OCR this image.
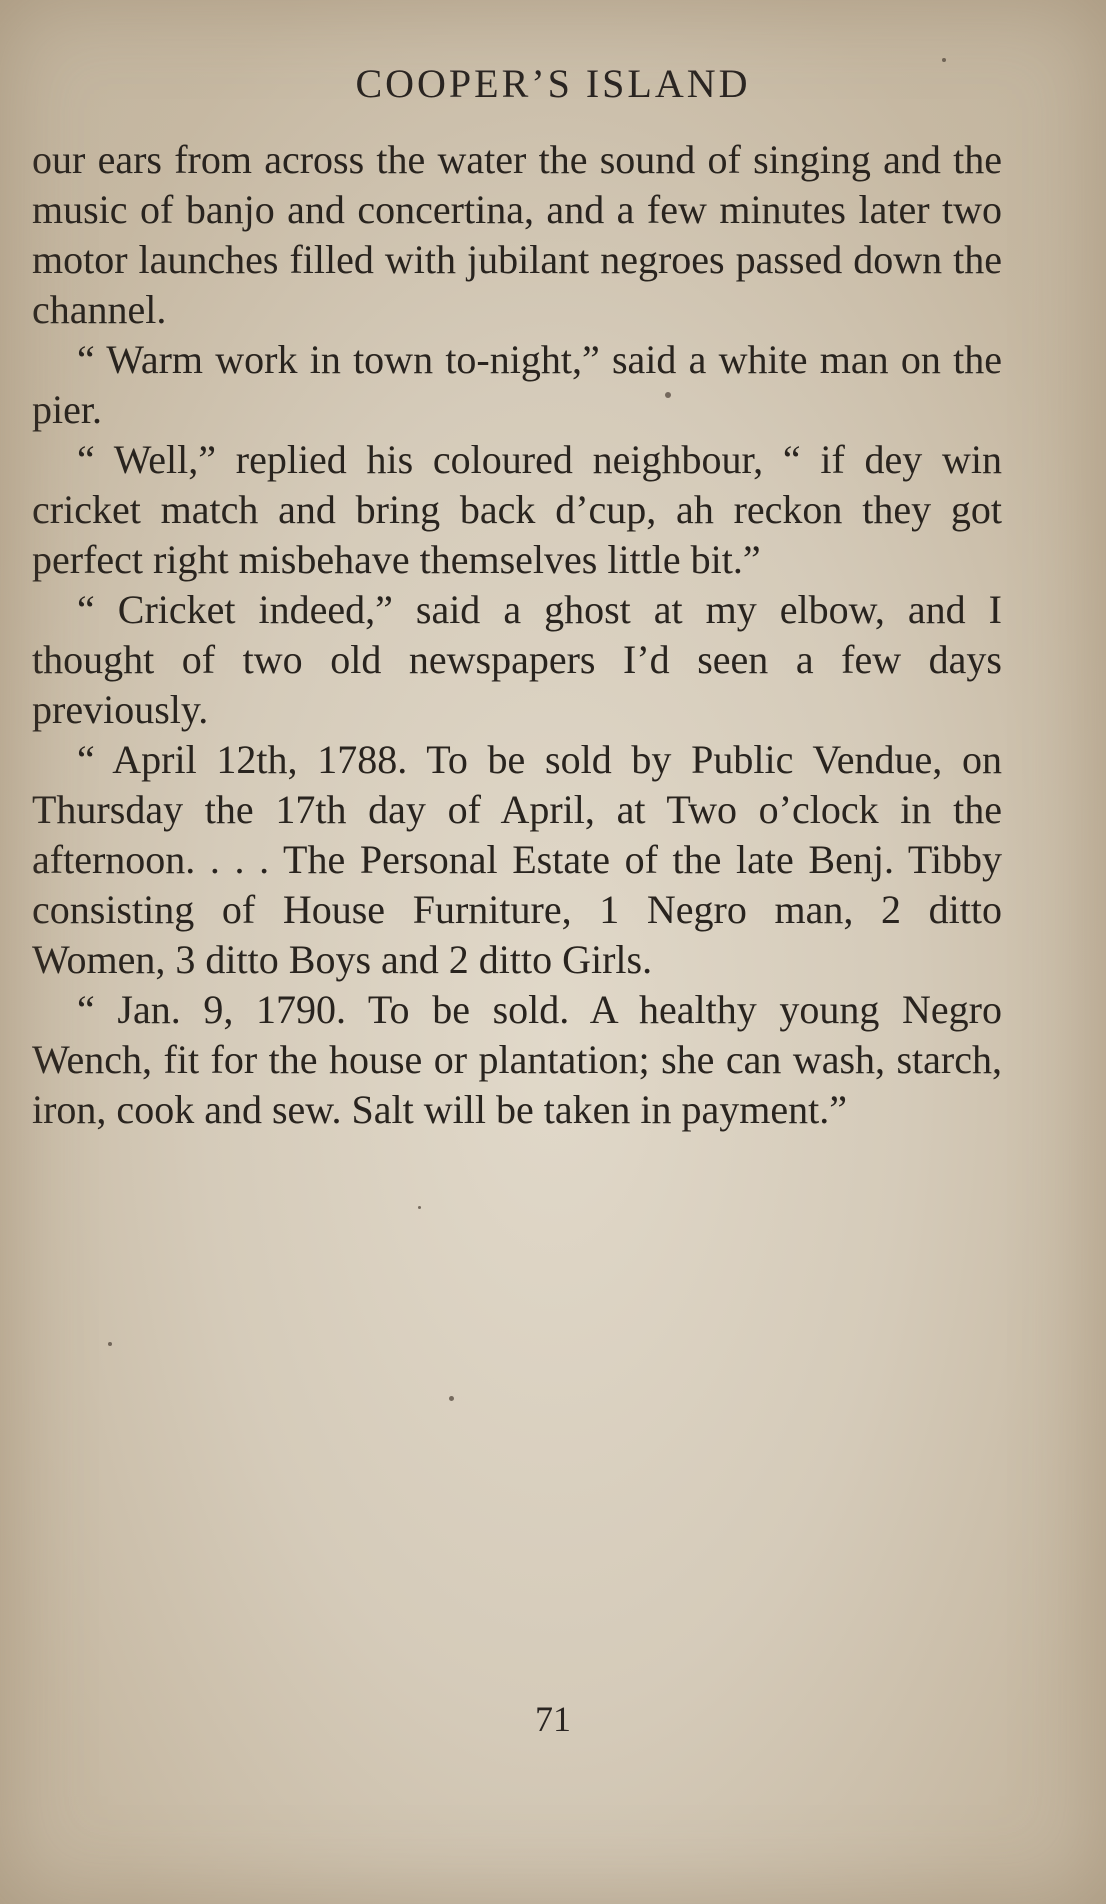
COOPER’S ISLAND

our ears from across the water the sound of singing and the music of banjo and concertina, and a few minutes later two motor launches filled with jubilant negroes passed down the channel.

“ Warm work in town to-night,” said a white man on the pier.

“ Well,” replied his coloured neighbour, “ if dey win cricket match and bring back d’cup, ah reckon they got perfect right misbehave themselves little bit.”

“ Cricket indeed,” said a ghost at my elbow, and I thought of two old newspapers I’d seen a few days previously.

“ April 12th, 1788. To be sold by Public Vendue, on Thursday the 17th day of April, at Two o’clock in the afternoon. . . . The Personal Estate of the late Benj. Tibby consisting of House Furniture, 1 Negro man, 2 ditto Women, 3 ditto Boys and 2 ditto Girls.

“ Jan. 9, 1790. To be sold. A healthy young Negro Wench, fit for the house or plantation; she can wash, starch, iron, cook and sew. Salt will be taken in payment.”

71
